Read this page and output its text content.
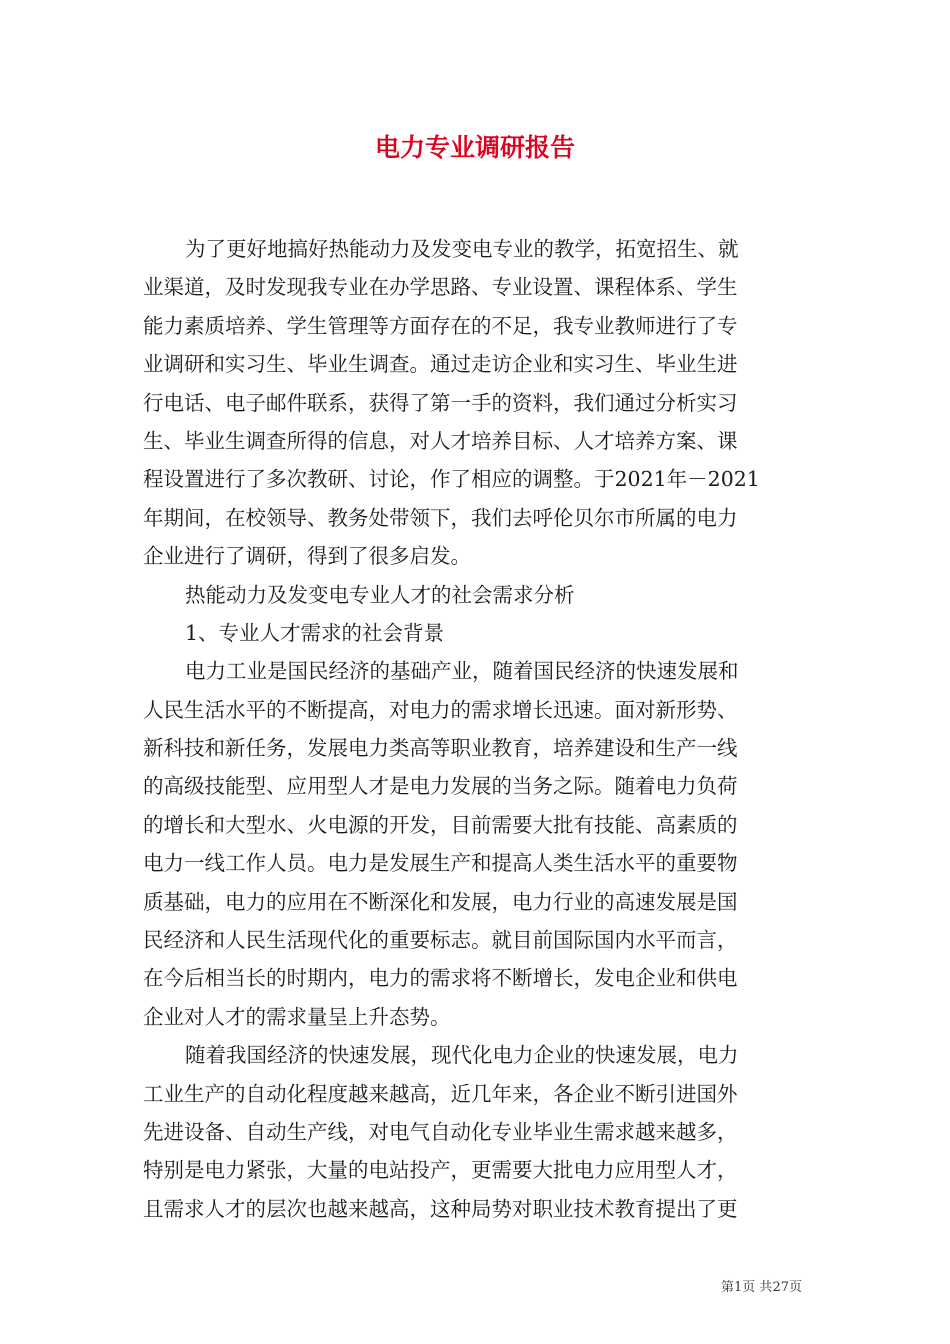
电力专业调研报告
为了更好地搞好热能动力及发变电专业的教学，拓宽招生、就
业渠道，及时发现我专业在办学思路、专业设置、课程体系、学生
能力素质培养、学生管理等方面存在的不足，我专业教师进行了专
业调研和实习生、毕业生调查。通过走访企业和实习生、毕业生进
行电话、电子邮件联系，获得了第一手的资料，我们通过分析实习
生、毕业生调查所得的信息，对人才培养目标、人才培养方案、课
程设置进行了多次教研、讨论，作了相应的调整。于2021年－2021
年期间，在校领导、教务处带领下，我们去呼伦贝尔市所属的电力
企业进行了调研，得到了很多启发。
热能动力及发变电专业人才的社会需求分析
1、专业人才需求的社会背景
电力工业是国民经济的基础产业，随着国民经济的快速发展和
人民生活水平的不断提高，对电力的需求增长迅速。面对新形势、
新科技和新任务，发展电力类高等职业教育，培养建设和生产一线
的高级技能型、应用型人才是电力发展的当务之际。随着电力负荷
的增长和大型水、火电源的开发，目前需要大批有技能、高素质的
电力一线工作人员。电力是发展生产和提高人类生活水平的重要物
质基础，电力的应用在不断深化和发展，电力行业的高速发展是国
民经济和人民生活现代化的重要标志。就目前国际国内水平而言，
在今后相当长的时期内，电力的需求将不断增长，发电企业和供电
企业对人才的需求量呈上升态势。
随着我国经济的快速发展，现代化电力企业的快速发展，电力
工业生产的自动化程度越来越高，近几年来，各企业不断引进国外
先进设备、自动生产线，对电气自动化专业毕业生需求越来越多，
特别是电力紧张，大量的电站投产，更需要大批电力应用型人才，
且需求人才的层次也越来越高，这种局势对职业技术教育提出了更
第1页 共27页
